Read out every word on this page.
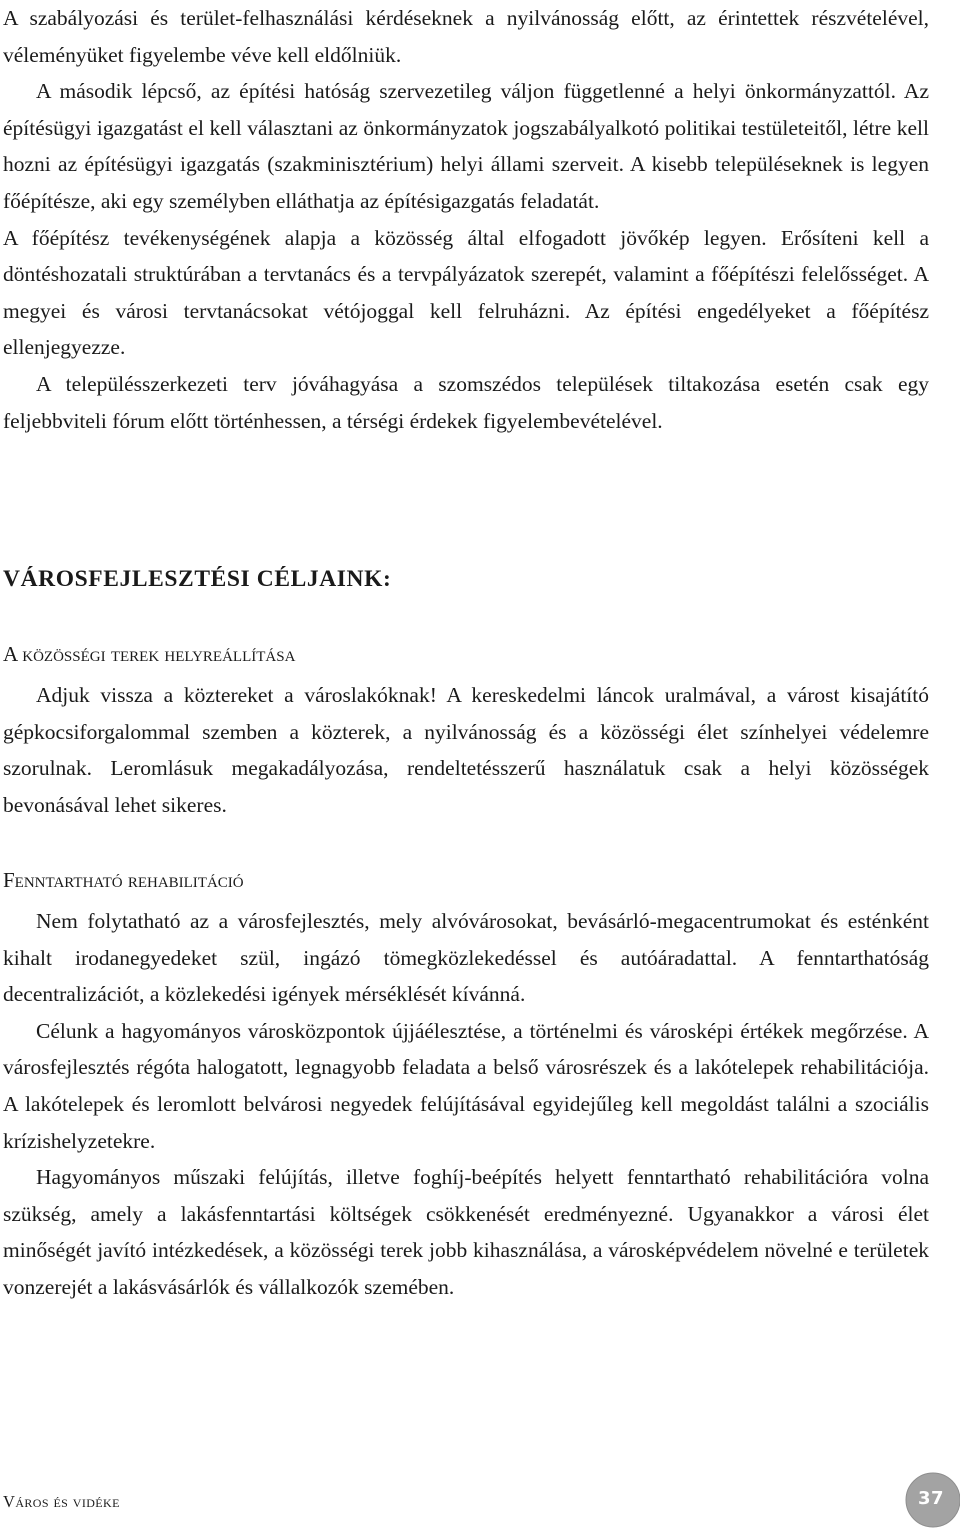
A szabályozási és terület-felhasználási kérdéseknek a nyilvánosság előtt, az érintettek részvételével, véleményüket figyelembe véve kell eldőlniük.

A második lépcső, az építési hatóság szervezetileg váljon függetlenné a helyi önkormányzattól. Az építésügyi igazgatást el kell választani az önkormányzatok jogszabályalkotó politikai testületeitől, létre kell hozni az építésügyi igazgatás (szakminisztérium) helyi állami szerveit. A kisebb településeknek is legyen főépítésze, aki egy személyben elláthatja az építésigazgatás feladatát.

A főépítész tevékenységének alapja a közösség által elfogadott jövőkép legyen. Erősíteni kell a döntéshozatali struktúrában a tervtanács és a tervpályázatok szerepét, valamint a főépítészi felelősséget. A megyei és városi tervtanácsokat vétójoggal kell felruházni. Az építési engedélyeket a főépítész ellenjegyezze.

A településszerkezeti terv jóváhagyása a szomszédos települések tiltakozása esetén csak egy feljebbviteli fórum előtt történhessen, a térségi érdekek figyelembevételével.

VÁROSFEJLESZTÉSI CÉLJAINK:
A közösségi terek helyreállítása

Adjuk vissza a köztereket a városlakóknak! A kereskedelmi láncok uralmával, a várost kisajátító gépkocsiforgalommal szemben a közterek, a nyilvánosság és a közösségi élet színhelyei védelemre szorulnak. Leromlásuk megakadályozása, rendeltetésszerű használatuk csak a helyi közösségek bevonásával lehet sikeres.

Fenntartható rehabilitáció

Nem folytatható az a városfejlesztés, mely alvóvárosokat, bevásárló-megacentrumokat és esténként kihalt irodanegyedeket szül, ingázó tömegközlekedéssel és autóáradattal. A fenntarthatóság decentralizációt, a közlekedési igények mérséklését kívánná.

Célunk a hagyományos városközpontok újjáélesztése, a történelmi és városképi értékek megőrzése. A városfejlesztés régóta halogatott, legnagyobb feladata a belső városrészek és a lakótelepek rehabilitációja. A lakótelepek és leromlott belvárosi negyedek felújításával egyidejűleg kell megoldást találni a szociális krízishelyzetekre.

Hagyományos műszaki felújítás, illetve foghíj-beépítés helyett fenntartható rehabilitációra volna szükség, amely a lakásfenntartási költségek csökkenését eredményezné. Ugyanakkor a városi élet minőségét javító intézkedések, a közösségi terek jobb kihasználása, a városképvédelem növelné e területek vonzerejét a lakásvásárlók és vállalkozók szemében.

Város és vidéke	37
